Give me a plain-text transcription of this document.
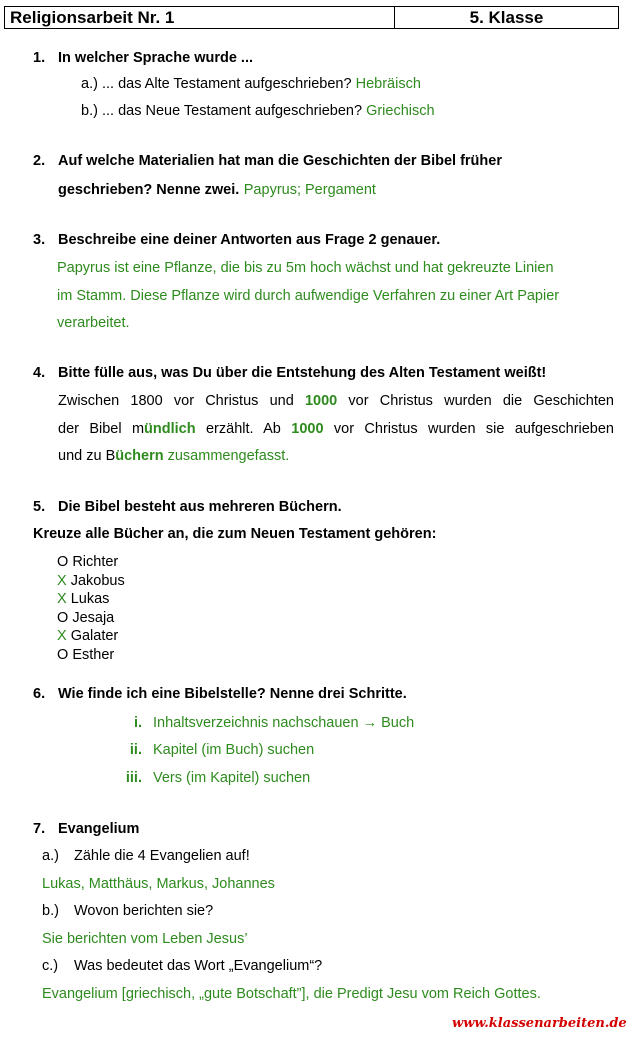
Religionsarbeit Nr. 1	5. Klasse
1. In welcher Sprache wurde ...
a.) ... das Alte Testament aufgeschrieben? Hebräisch
b.) ... das Neue Testament aufgeschrieben? Griechisch
2. Auf welche Materialien hat man die Geschichten der Bibel früher
geschrieben? Nenne zwei. Papyrus; Pergament
3. Beschreibe eine deiner Antworten aus Frage 2 genauer.
Papyrus ist eine Pflanze, die bis zu 5m hoch wächst und hat gekreuzte Linien
im Stamm. Diese Pflanze wird durch aufwendige Verfahren zu einer Art Papier
verarbeitet.
4. Bitte fülle aus, was Du über die Entstehung des Alten Testament weißt!
Zwischen 1800 vor Christus und 1000 vor Christus wurden die Geschichten
der Bibel mündlich erzählt. Ab 1000 vor Christus wurden sie aufgeschrieben
und zu Büchern zusammengefasst.
5. Die Bibel besteht aus mehreren Büchern.
Kreuze alle Bücher an, die zum Neuen Testament gehören:
O Richter
X Jakobus
X Lukas
O Jesaja
X Galater
O Esther
6. Wie finde ich eine Bibelstelle? Nenne drei Schritte.
i. Inhaltsverzeichnis nachschauen → Buch
ii. Kapitel (im Buch) suchen
iii. Vers (im Kapitel) suchen
7. Evangelium
a.) Zähle die 4 Evangelien auf!
Lukas, Matthäus, Markus, Johannes
b.) Wovon berichten sie?
Sie berichten vom Leben Jesus’
c.) Was bedeutet das Wort „Evangelium“?
Evangelium [griechisch, „gute Botschaft”], die Predigt Jesu vom Reich Gottes.
www.klassenarbeiten.de
